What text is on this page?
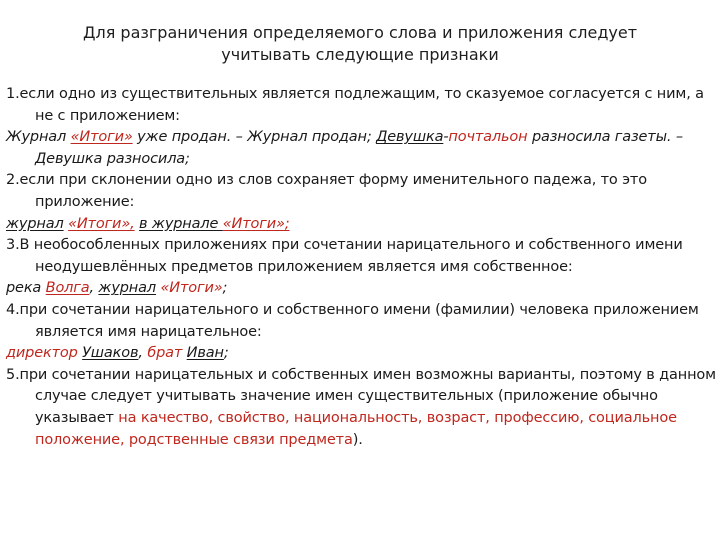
Для разграничения определяемого слова и приложения следует
учитывать следующие признаки

1.если одно из существительных является подлежащим, то сказуемое согласуется с ним, а не с приложением:

Журнал «Итоги» уже продан. – Журнал продан; Девушка-почтальон разносила газеты. – Девушка разносила;

2.если при склонении одно из слов сохраняет форму именительного падежа, то это приложение:

журнал «Итоги», в журнале «Итоги»;

3.В необособленных приложениях при сочетании нарицательного и собственного имени неодушевлённых предметов приложением является имя собственное:

река Волга, журнал «Итоги»;

4.при сочетании нарицательного и собственного имени (фамилии) человека приложением является имя нарицательное:

директор Ушаков, брат Иван;

5.при сочетании нарицательных и собственных имен возможны варианты, поэтому в данном случае следует учитывать значение имен существительных (приложение обычно указывает на качество, свойство, национальность, возраст, профессию, социальное положение, родственные связи предмета).
